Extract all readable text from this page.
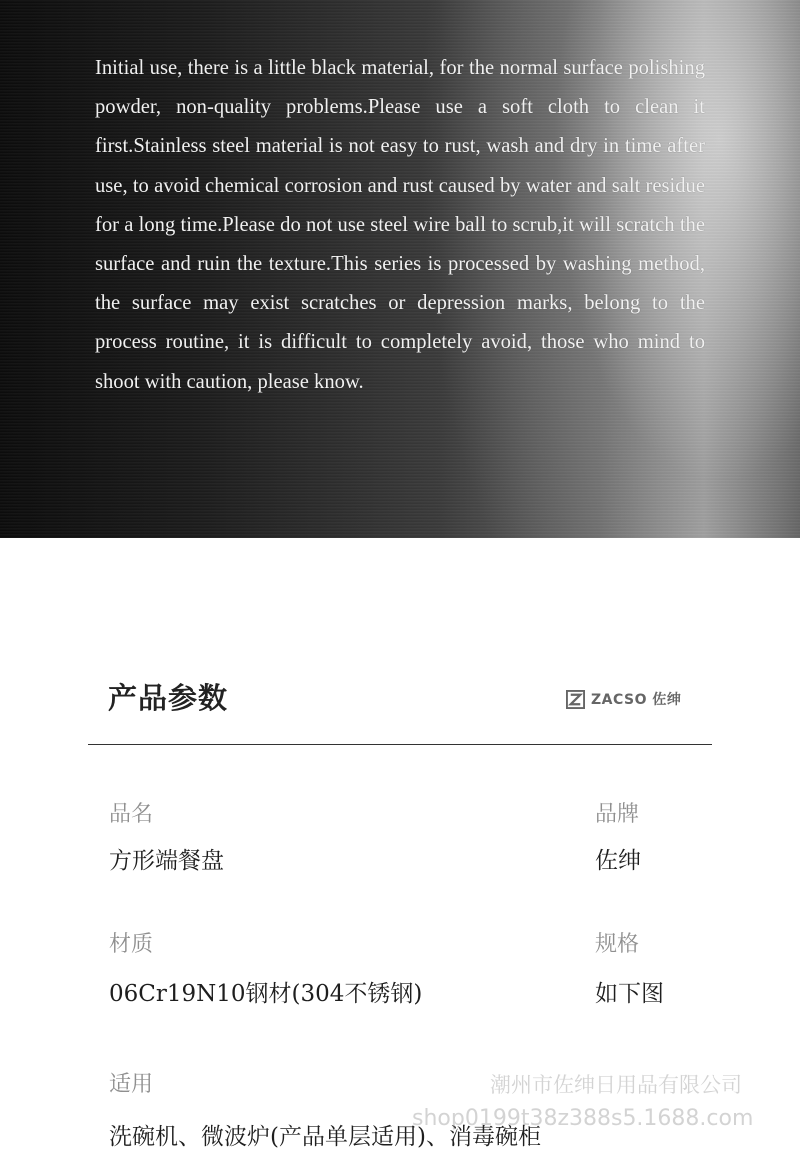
Initial use, there is a little black material, for the normal surface polishing powder, non-quality problems.Please use a soft cloth to clean it first.Stainless steel material is not easy to rust, wash and dry in time after use, to avoid chemical corrosion and rust caused by water and salt residue for a long time.Please do not use steel wire ball to scrub,it will scratch the surface and ruin the texture.This series is processed by washing method, the surface may exist scratches or depression marks, belong to the process routine, it is difficult to completely avoid, those who mind to shoot with caution, please know.

产品参数	ZACSO 佐绅
品名
方形端餐盘
品牌
佐绅
材质
06Cr19N10钢材(304不锈钢)
规格
如下图
适用
洗碗机、微波炉(产品单层适用)、消毒碗柜
潮州市佐绅日用品有限公司
shop0199t38z388s5.1688.com
